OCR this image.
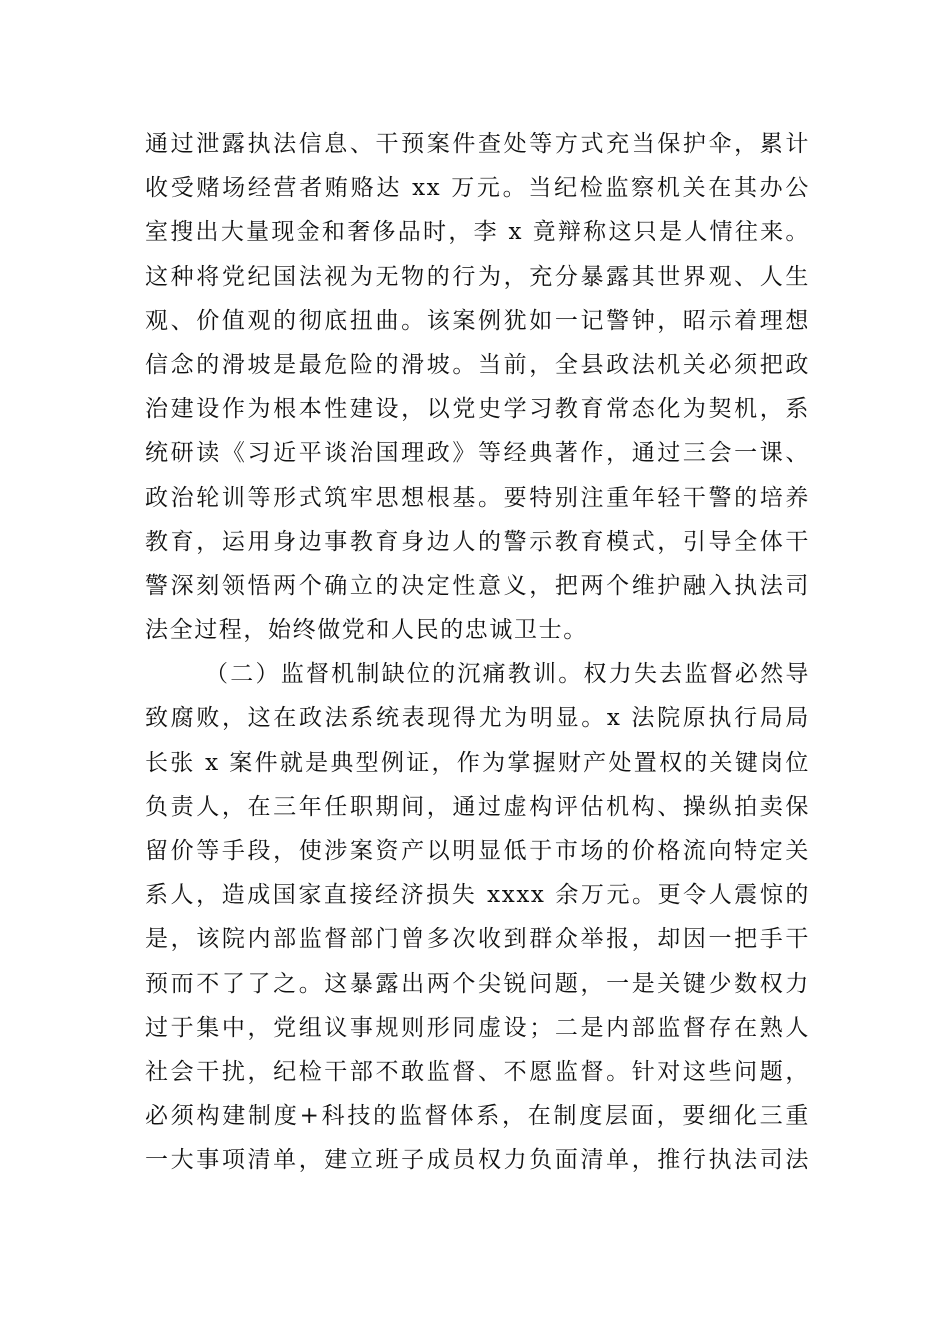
通过泄露执法信息、干预案件查处等方式充当保护伞，累计
收受赌场经营者贿赂达 xx 万元。当纪检监察机关在其办公
室搜出大量现金和奢侈品时，李 x 竟辩称这只是人情往来。
这种将党纪国法视为无物的行为，充分暴露其世界观、人生
观、价值观的彻底扭曲。该案例犹如一记警钟，昭示着理想
信念的滑坡是最危险的滑坡。当前，全县政法机关必须把政
治建设作为根本性建设，以党史学习教育常态化为契机，系
统研读《习近平谈治国理政》等经典著作，通过三会一课、
政治轮训等形式筑牢思想根基。要特别注重年轻干警的培养
教育，运用身边事教育身边人的警示教育模式，引导全体干
警深刻领悟两个确立的决定性意义，把两个维护融入执法司
法全过程，始终做党和人民的忠诚卫士。
（二）监督机制缺位的沉痛教训。权力失去监督必然导
致腐败，这在政法系统表现得尤为明显。x 法院原执行局局
长张 x 案件就是典型例证，作为掌握财产处置权的关键岗位
负责人，在三年任职期间，通过虚构评估机构、操纵拍卖保
留价等手段，使涉案资产以明显低于市场的价格流向特定关
系人，造成国家直接经济损失 xxxx 余万元。更令人震惊的
是，该院内部监督部门曾多次收到群众举报，却因一把手干
预而不了了之。这暴露出两个尖锐问题，一是关键少数权力
过于集中，党组议事规则形同虚设；二是内部监督存在熟人
社会干扰，纪检干部不敢监督、不愿监督。针对这些问题，
必须构建制度+科技的监督体系，在制度层面，要细化三重
一大事项清单，建立班子成员权力负面清单，推行执法司法
